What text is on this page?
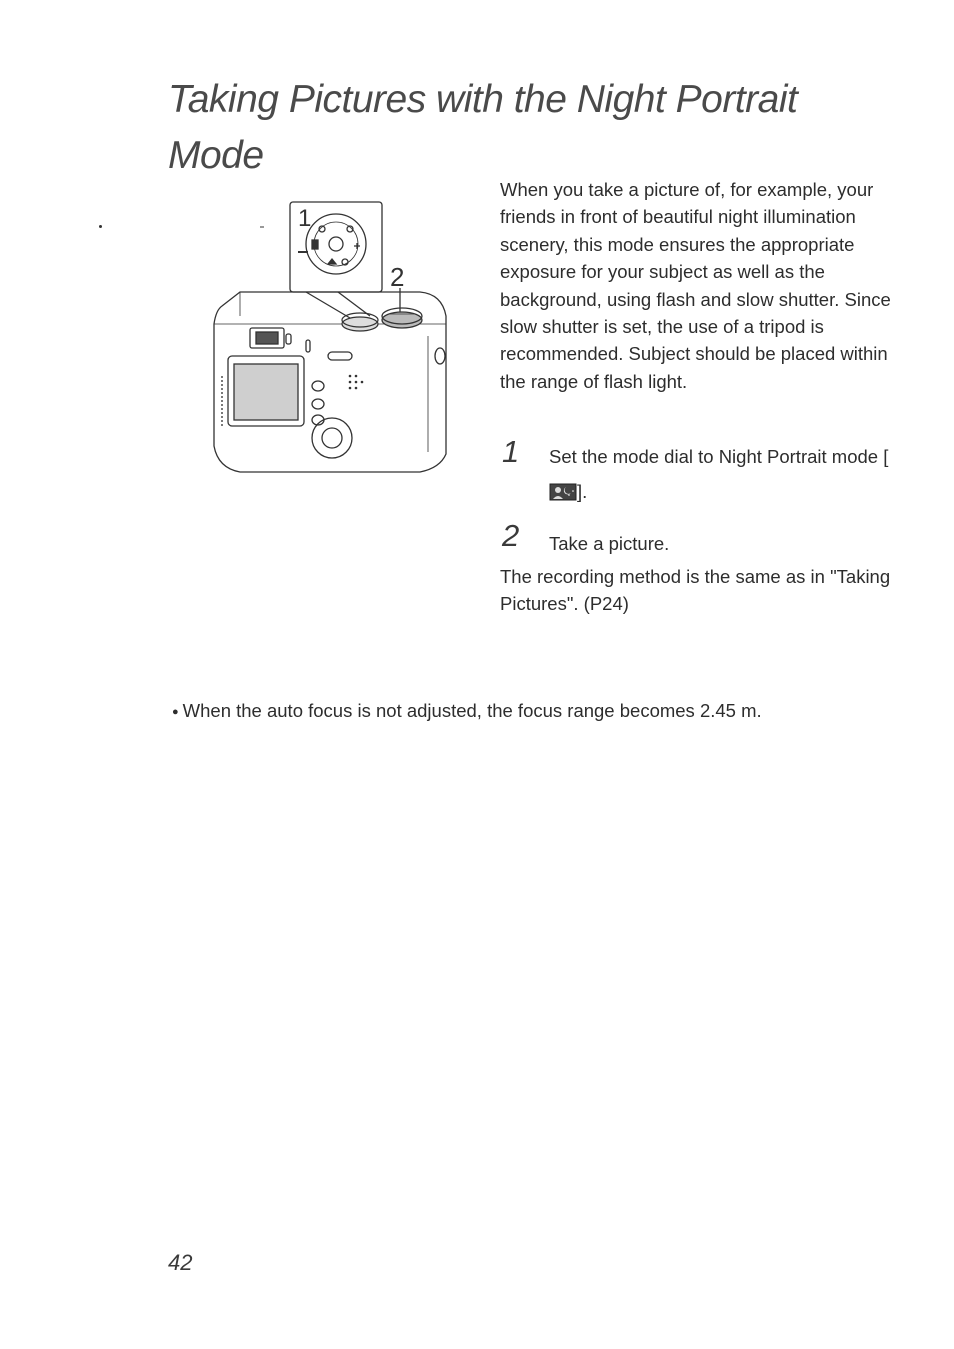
Taking Pictures with the Night Portrait Mode
1
2

When you take a picture of, for example, your friends in front of beautiful night illumination scenery, this mode ensures the appropriate exposure for your subject as well as the background, using flash and slow shutter. Since slow shutter is set, the use of a tripod is recommended. Subject should be placed within the range of flash light.

1 Set the mode dial to Night Portrait mode [].
2 Take a picture.

The recording method is the same as in "Taking Pictures". (P24)

● When the auto focus is not adjusted, the focus range becomes 2.45 m.

42
